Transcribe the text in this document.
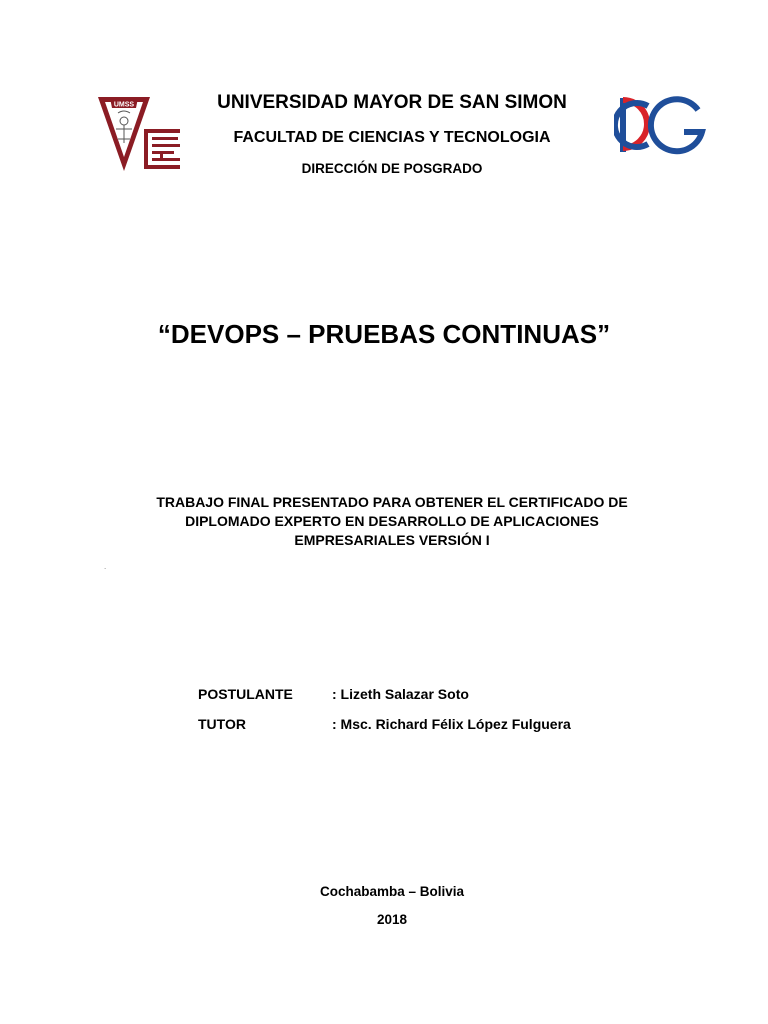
UMSS	UNIVERSIDAD MAYOR DE SAN SIMON
FACULTAD DE CIENCIAS Y TECNOLOGIA
DIRECCIÓN DE POSGRADO
“DEVOPS – PRUEBAS CONTINUAS”
TRABAJO FINAL PRESENTADO PARA OBTENER EL CERTIFICADO DE
DIPLOMADO EXPERTO EN DESARROLLO DE APLICACIONES
EMPRESARIALES VERSIÓN I
.
POSTULANTE	: Lizeth Salazar Soto
TUTOR	: Msc. Richard Félix López Fulguera
Cochabamba – Bolivia
2018
